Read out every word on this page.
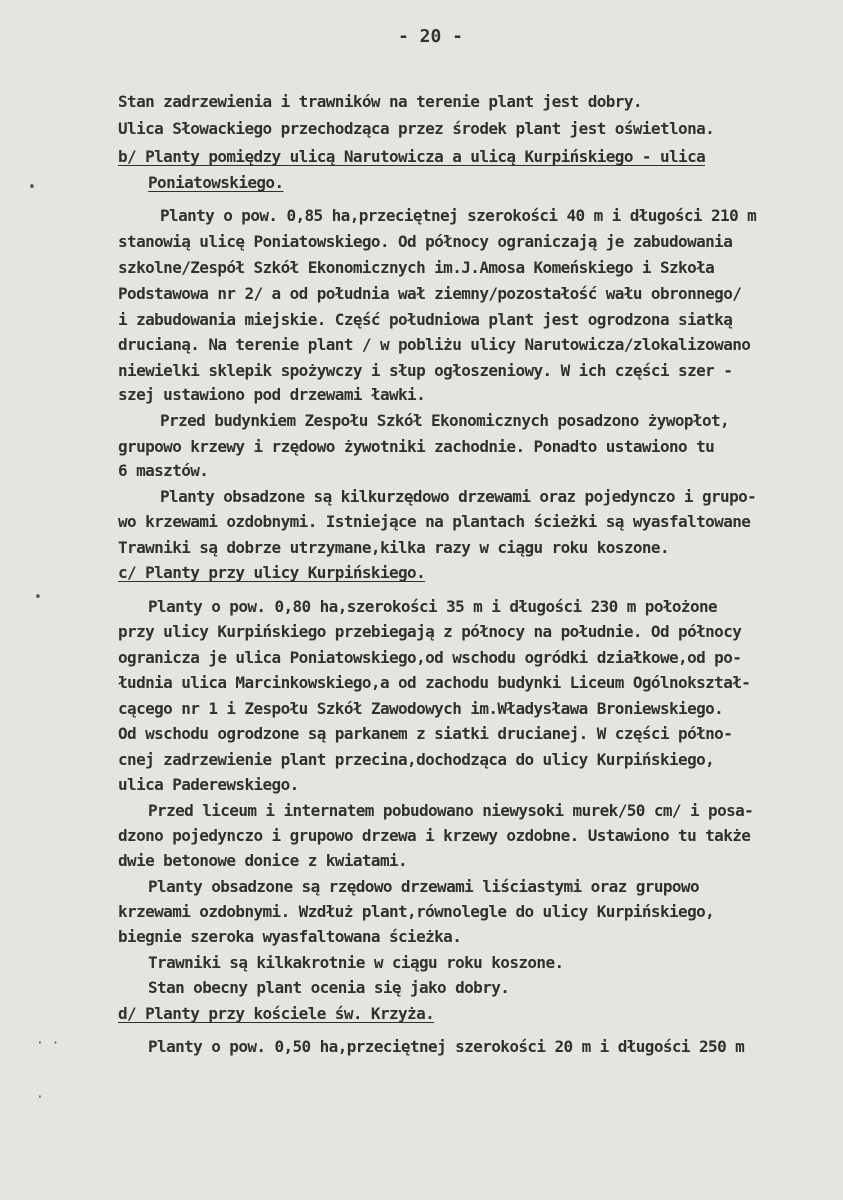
- 20 -
Stan zadrzewienia i trawników na terenie plant jest dobry.
Ulica Słowackiego przechodząca przez środek plant jest oświetlona.
b/ Planty pomiędzy ulicą Narutowicza a ulicą Kurpińskiego - ulica
Poniatowskiego.
Planty o pow. 0,85 ha,przeciętnej szerokości 40 m i długości 210 m
stanowią ulicę Poniatowskiego. Od północy ograniczają je zabudowania
szkolne/Zespół Szkół Ekonomicznych im.J.Amosa Komeńskiego i Szkoła
Podstawowa nr 2/ a od południa wał ziemny/pozostałość wału obronnego/
i zabudowania miejskie. Część południowa plant jest ogrodzona siatką
drucianą. Na terenie plant / w pobliżu ulicy Narutowicza/zlokalizowano
niewielki sklepik spożywczy i słup ogłoszeniowy. W ich części szer -
szej ustawiono pod drzewami ławki.
Przed budynkiem Zespołu Szkół Ekonomicznych posadzono żywopłot,
grupowo krzewy i rzędowo żywotniki zachodnie. Ponadto ustawiono tu
6 masztów.
Planty obsadzone są kilkurzędowo drzewami oraz pojedynczo i grupo-
wo krzewami ozdobnymi. Istniejące na plantach ścieżki są wyasfaltowane
Trawniki są dobrze utrzymane,kilka razy w ciągu roku koszone.
c/ Planty przy ulicy Kurpińskiego.
Planty o pow. 0,80 ha,szerokości 35 m i długości 230 m położone
przy ulicy Kurpińskiego przebiegają z północy na południe. Od północy
ogranicza je ulica Poniatowskiego,od wschodu ogródki działkowe,od po-
łudnia ulica Marcinkowskiego,a od zachodu budynki Liceum Ogólnokształ-
cącego nr 1 i Zespołu Szkół Zawodowych im.Władysława Broniewskiego.
Od wschodu ogrodzone są parkanem z siatki drucianej. W części półno-
cnej zadrzewienie plant przecina,dochodząca do ulicy Kurpińskiego,
ulica Paderewskiego.
Przed liceum i internatem pobudowano niewysoki murek/50 cm/ i posa-
dzono pojedynczo i grupowo drzewa i krzewy ozdobne. Ustawiono tu także
dwie betonowe donice z kwiatami.
Planty obsadzone są rzędowo drzewami liściastymi oraz grupowo
krzewami ozdobnymi. Wzdłuż plant,równolegle do ulicy Kurpińskiego,
biegnie szeroka wyasfaltowana ścieżka.
Trawniki są kilkakrotnie w ciągu roku koszone.
Stan obecny plant ocenia się jako dobry.
d/ Planty przy kościele św. Krzyża.
Planty o pow. 0,50 ha,przeciętnej szerokości 20 m i długości 250 m
•
•
· ·
·
